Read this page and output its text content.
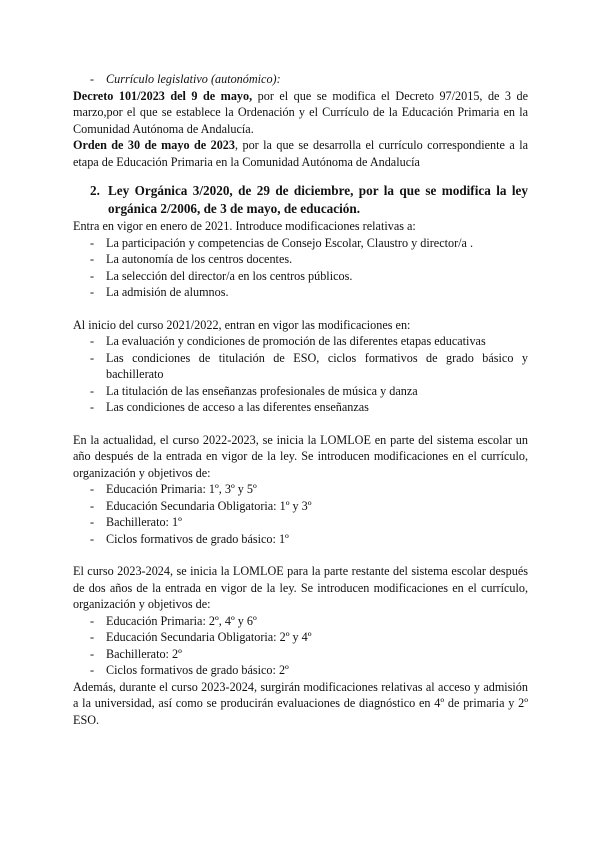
- Currículo legislativo (autonómico):

Decreto 101/2023 del 9 de mayo, por el que se modifica el Decreto 97/2015, de 3 de marzo,por el que se establece la Ordenación y el Currículo de la Educación Primaria en la Comunidad Autónoma de Andalucía.

Orden de 30 de mayo de 2023, por la que se desarrolla el currículo correspondiente a la etapa de Educación Primaria en la Comunidad Autónoma de Andalucía

2. Ley Orgánica 3/2020, de 29 de diciembre, por la que se modifica la ley orgánica 2/2006, de 3 de mayo, de educación.

Entra en vigor en enero de 2021. Introduce modificaciones relativas a:

- La participación y competencias de Consejo Escolar, Claustro y director/a .
- La autonomía de los centros docentes.
- La selección del director/a en los centros públicos.
- La admisión de alumnos.

Al inicio del curso 2021/2022, entran en vigor las modificaciones en:

- La evaluación y condiciones de promoción de las diferentes etapas educativas
- Las condiciones de titulación de ESO, ciclos formativos de grado básico y bachillerato
- La titulación de las enseñanzas profesionales de música y danza
- Las condiciones de acceso a las diferentes enseñanzas

En la actualidad, el curso 2022-2023, se inicia la LOMLOE en parte del sistema escolar un año después de la entrada en vigor de la ley. Se introducen modificaciones en el currículo, organización y objetivos de:

- Educación Primaria: 1º, 3º y 5º
- Educación Secundaria Obligatoria: 1º y 3º
- Bachillerato: 1º
- Ciclos formativos de grado básico: 1º

El curso 2023-2024, se inicia la LOMLOE para la parte restante del sistema escolar después de dos años de la entrada en vigor de la ley. Se introducen modificaciones en el currículo, organización y objetivos de:

- Educación Primaria: 2º, 4º y 6º
- Educación Secundaria Obligatoria: 2º y 4º
- Bachillerato: 2º
- Ciclos formativos de grado básico: 2º

Además, durante el curso 2023-2024, surgirán modificaciones relativas al acceso y admisión a la universidad, así como se producirán evaluaciones de diagnóstico en 4º de primaria y 2º ESO.
